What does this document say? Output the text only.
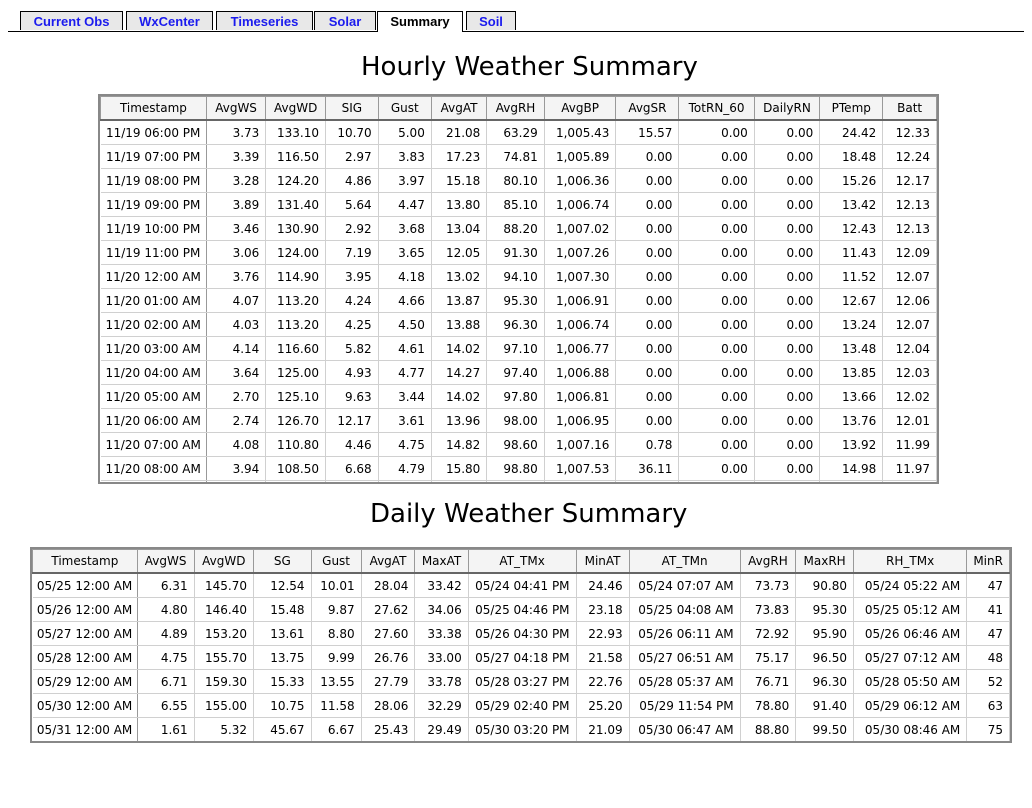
Current Obs	WxCenter	Timeseries	Solar	Summary	Soil
Hourly Weather Summary
Timestamp	AvgWS	AvgWD	SIG	Gust	AvgAT	AvgRH	AvgBP	AvgSR	TotRN_60	DailyRN	PTemp	Batt
11/19 06:00 PM	3.73	133.10	10.70	5.00	21.08	63.29	1,005.43	15.57	0.00	0.00	24.42	12.33
11/19 07:00 PM	3.39	116.50	2.97	3.83	17.23	74.81	1,005.89	0.00	0.00	0.00	18.48	12.24
11/19 08:00 PM	3.28	124.20	4.86	3.97	15.18	80.10	1,006.36	0.00	0.00	0.00	15.26	12.17
11/19 09:00 PM	3.89	131.40	5.64	4.47	13.80	85.10	1,006.74	0.00	0.00	0.00	13.42	12.13
11/19 10:00 PM	3.46	130.90	2.92	3.68	13.04	88.20	1,007.02	0.00	0.00	0.00	12.43	12.13
11/19 11:00 PM	3.06	124.00	7.19	3.65	12.05	91.30	1,007.26	0.00	0.00	0.00	11.43	12.09
11/20 12:00 AM	3.76	114.90	3.95	4.18	13.02	94.10	1,007.30	0.00	0.00	0.00	11.52	12.07
11/20 01:00 AM	4.07	113.20	4.24	4.66	13.87	95.30	1,006.91	0.00	0.00	0.00	12.67	12.06
11/20 02:00 AM	4.03	113.20	4.25	4.50	13.88	96.30	1,006.74	0.00	0.00	0.00	13.24	12.07
11/20 03:00 AM	4.14	116.60	5.82	4.61	14.02	97.10	1,006.77	0.00	0.00	0.00	13.48	12.04
11/20 04:00 AM	3.64	125.00	4.93	4.77	14.27	97.40	1,006.88	0.00	0.00	0.00	13.85	12.03
11/20 05:00 AM	2.70	125.10	9.63	3.44	14.02	97.80	1,006.81	0.00	0.00	0.00	13.66	12.02
11/20 06:00 AM	2.74	126.70	12.17	3.61	13.96	98.00	1,006.95	0.00	0.00	0.00	13.76	12.01
11/20 07:00 AM	4.08	110.80	4.46	4.75	14.82	98.60	1,007.16	0.78	0.00	0.00	13.92	11.99
11/20 08:00 AM	3.94	108.50	6.68	4.79	15.80	98.80	1,007.53	36.11	0.00	0.00	14.98	11.97

Daily Weather Summary
Timestamp	AvgWS	AvgWD	SG	Gust	AvgAT	MaxAT	AT_TMx	MinAT	AT_TMn	AvgRH	MaxRH	RH_TMx	MinR
05/25 12:00 AM	6.31	145.70	12.54	10.01	28.04	33.42	05/24 04:41 PM	24.46	05/24 07:07 AM	73.73	90.80	05/24 05:22 AM	47
05/26 12:00 AM	4.80	146.40	15.48	9.87	27.62	34.06	05/25 04:46 PM	23.18	05/25 04:08 AM	73.83	95.30	05/25 05:12 AM	41
05/27 12:00 AM	4.89	153.20	13.61	8.80	27.60	33.38	05/26 04:30 PM	22.93	05/26 06:11 AM	72.92	95.90	05/26 06:46 AM	47
05/28 12:00 AM	4.75	155.70	13.75	9.99	26.76	33.00	05/27 04:18 PM	21.58	05/27 06:51 AM	75.17	96.50	05/27 07:12 AM	48
05/29 12:00 AM	6.71	159.30	15.33	13.55	27.79	33.78	05/28 03:27 PM	22.76	05/28 05:37 AM	76.71	96.30	05/28 05:50 AM	52
05/30 12:00 AM	6.55	155.00	10.75	11.58	28.06	32.29	05/29 02:40 PM	25.20	05/29 11:54 PM	78.80	91.40	05/29 06:12 AM	63
05/31 12:00 AM	1.61	5.32	45.67	6.67	25.43	29.49	05/30 03:20 PM	21.09	05/30 06:47 AM	88.80	99.50	05/30 08:46 AM	75
